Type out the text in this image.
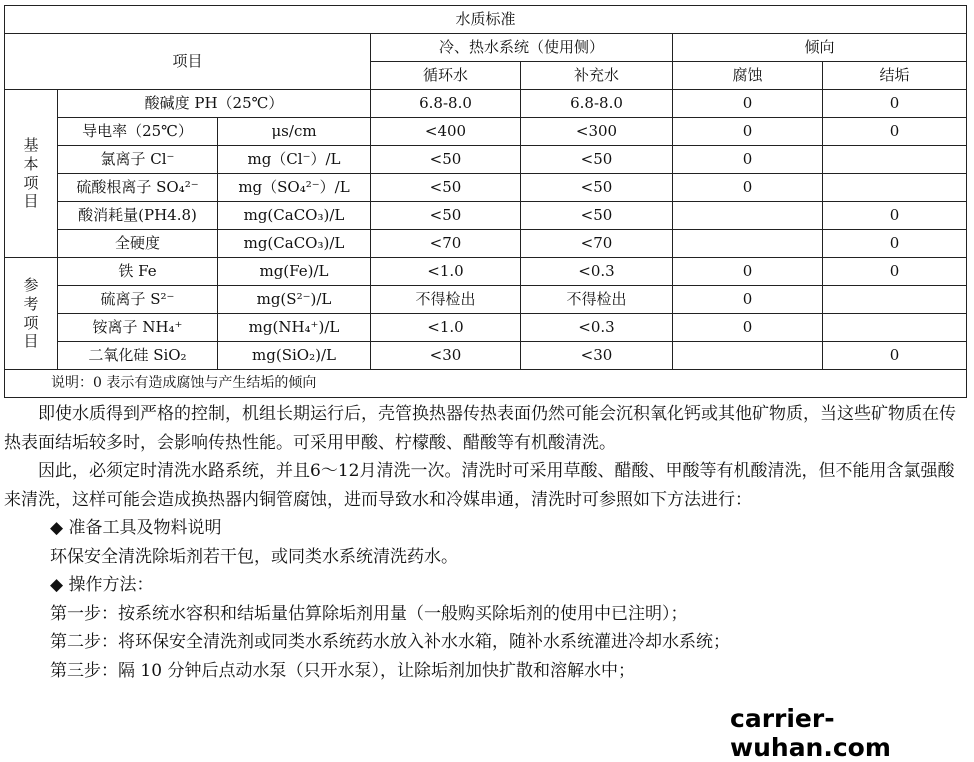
水质标准						
项目			冷、热水系统（使用侧）		倾向	
			循环水	补充水	腐蚀	结垢

基本项目	酸碱度 PH（25℃）		6.8-8.0	6.8-8.0	0	0
	导电率（25℃）	μs/cm	<400	<300	0	0
	氯离子 Cl⁻	mg（Cl⁻）/L	<50	<50	0	
	硫酸根离子 SO₄²⁻	mg（SO₄²⁻）/L	<50	<50	0	
	酸消耗量(PH4.8)	mg(CaCO₃)/L	<50	<50		0
	全硬度	mg(CaCO₃)/L	<70	<70		0

参考项目	铁 Fe	mg(Fe)/L	<1.0	<0.3	0	0
	硫离子 S²⁻	mg(S²⁻)/L	不得检出	不得检出	0	
	铵离子 NH₄⁺	mg(NH₄⁺)/L	<1.0	<0.3	0	
	二氧化硅 SiO₂	mg(SiO₂)/L	<30	<30		0
说明：0 表示有造成腐蚀与产生结垢的倾向						

即使水质得到严格的控制，机组长期运行后，壳管换热器传热表面仍然可能会沉积氧化钙或其他矿物质，当这些矿物质在传热表面结垢较多时，会影响传热性能。可采用甲酸、柠檬酸、醋酸等有机酸清洗。

因此，必须定时清洗水路系统，并且6～12月清洗一次。清洗时可采用草酸、醋酸、甲酸等有机酸清洗，但不能用含氯强酸来清洗，这样可能会造成换热器内铜管腐蚀，进而导致水和冷媒串通，清洗时可参照如下方法进行：

◆ 准备工具及物料说明

环保安全清洗除垢剂若干包，或同类水系统清洗药水。

◆ 操作方法：

第一步：按系统水容积和结垢量估算除垢剂用量（一般购买除垢剂的使用中已注明）；

第二步：将环保安全清洗剂或同类水系统药水放入补水水箱，随补水系统灌进冷却水系统；

第三步：隔 10 分钟后点动水泵（只开水泵），让除垢剂加快扩散和溶解水中；

carrier-wuhan.com
